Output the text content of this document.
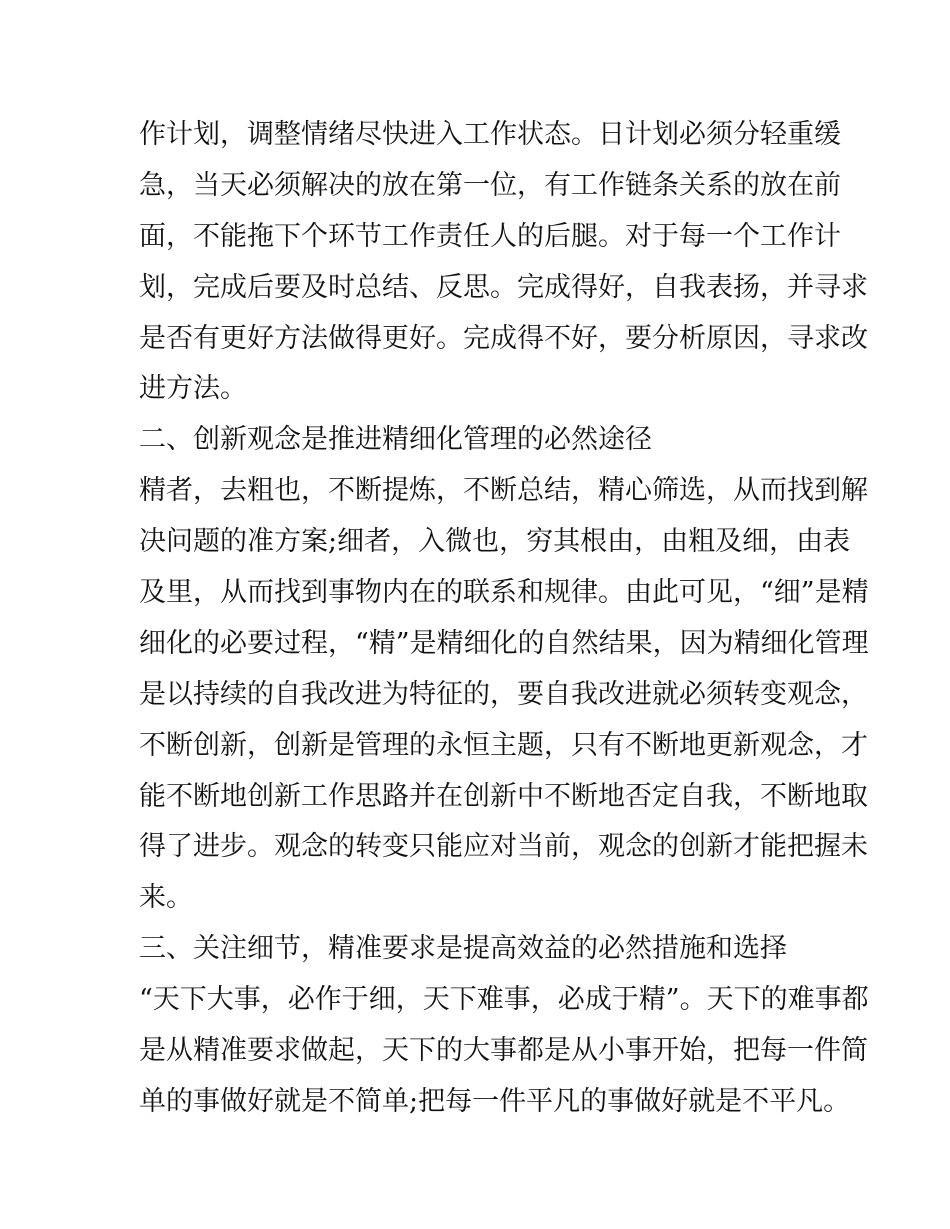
作计划，调整情绪尽快进入工作状态。日计划必须分轻重缓
急，当天必须解决的放在第一位，有工作链条关系的放在前
面，不能拖下个环节工作责任人的后腿。对于每一个工作计
划，完成后要及时总结、反思。完成得好，自我表扬，并寻求
是否有更好方法做得更好。完成得不好，要分析原因，寻求改
进方法。
二、创新观念是推进精细化管理的必然途径
精者，去粗也，不断提炼，不断总结，精心筛选，从而找到解
决问题的准方案;细者，入微也，穷其根由，由粗及细，由表
及里，从而找到事物内在的联系和规律。由此可见，“细”是精
细化的必要过程，“精”是精细化的自然结果，因为精细化管理
是以持续的自我改进为特征的，要自我改进就必须转变观念，
不断创新，创新是管理的永恒主题，只有不断地更新观念，才
能不断地创新工作思路并在创新中不断地否定自我，不断地取
得了进步。观念的转变只能应对当前，观念的创新才能把握未
来。
三、关注细节，精准要求是提高效益的必然措施和选择
“天下大事，必作于细，天下难事，必成于精”。天下的难事都
是从精准要求做起，天下的大事都是从小事开始，把每一件简
单的事做好就是不简单;把每一件平凡的事做好就是不平凡。
